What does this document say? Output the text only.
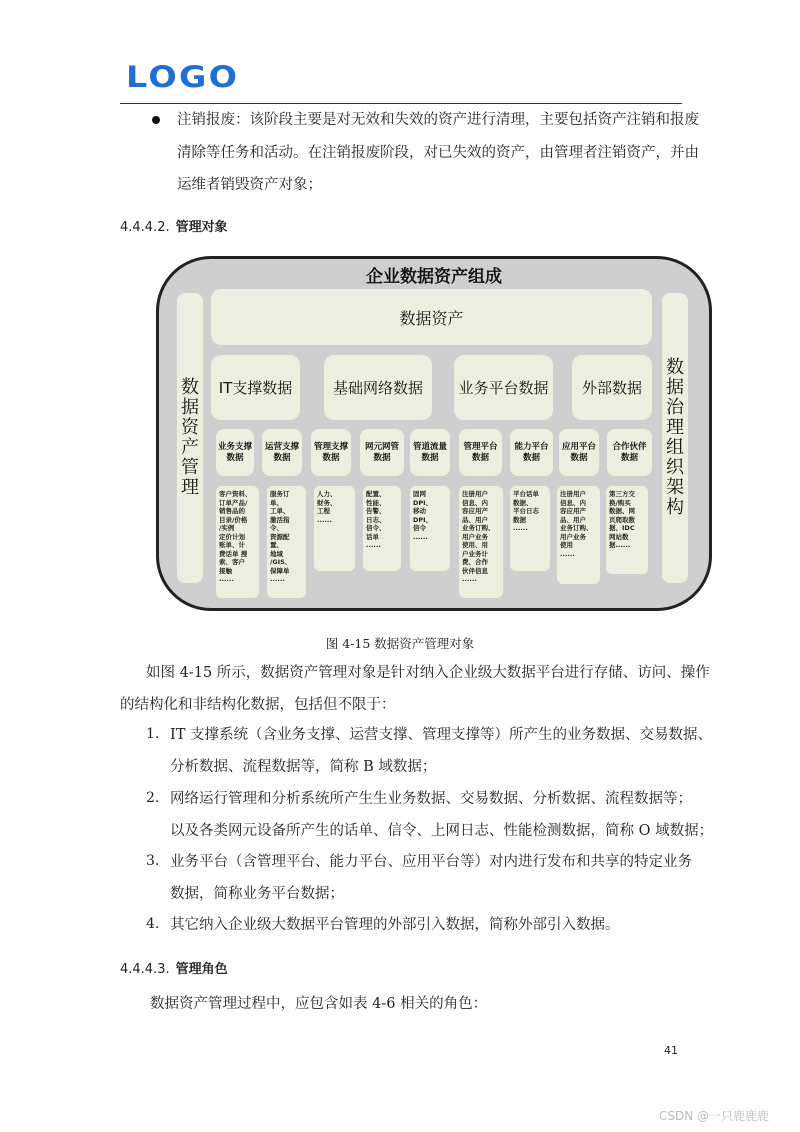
LOGO
注销报废：该阶段主要是对无效和失效的资产进行清理，主要包括资产注销和报废
清除等任务和活动。在注销报废阶段，对已失效的资产，由管理者注销资产，并由
运维者销毁资产对象；
4.4.4.2. 管理对象
企业数据资产组成
数据资产管理
数据治理组织架构
数据资产
IT支撑数据	基础网络数据	业务平台数据	外部数据
业务支撑数据
运营支撑数据
管理支撑数据
网元网管数据
管道流量数据
管理平台数据
能力平台数据
应用平台数据
合作伙伴数据
客户资料、
订单产品/
销售品的
目录/价格
/实例
定价计划
账单、计
费话单 搜
索、客户
接触
......
服务订
单、
工单、
激活指
令、
资源配
置、
地域
/GIS、
保障单
......
人力、
财务、
工程
......
配置、
性能、
告警、
日志、
信令、
话单
......
固网
DPI、
移动
DPI、
信令
......
注册用户
信息、内
容应用产
品、用户
业务订购、
用户业务
使用、用
户业务计
费、合作
伙伴信息
......
平台话单
数据、
平台日志
数据
......
注册用户
信息、内
容应用产
品、用户
业务订购、
用户业务
使用
......
第三方交
换/购买
数据、网
页爬取数
据、IDC
网站数
据......
图 4-15 数据资产管理对象
如图 4-15 所示，数据资产管理对象是针对纳入企业级大数据平台进行存储、访问、操作
的结构化和非结构化数据，包括但不限于：
1. IT 支撑系统（含业务支撑、运营支撑、管理支撑等）所产生的业务数据、交易数据、
分析数据、流程数据等，简称 B 域数据；
2. 网络运行管理和分析系统所产生生业务数据、交易数据、分析数据、流程数据等；
以及各类网元设备所产生的话单、信令、上网日志、性能检测数据，简称 O 域数据；
3. 业务平台（含管理平台、能力平台、应用平台等）对内进行发布和共享的特定业务
数据，简称业务平台数据；
4. 其它纳入企业级大数据平台管理的外部引入数据，简称外部引入数据。
4.4.4.3. 管理角色
数据资产管理过程中，应包含如表 4-6 相关的角色：
41
CSDN @一只鹿鹿鹿
